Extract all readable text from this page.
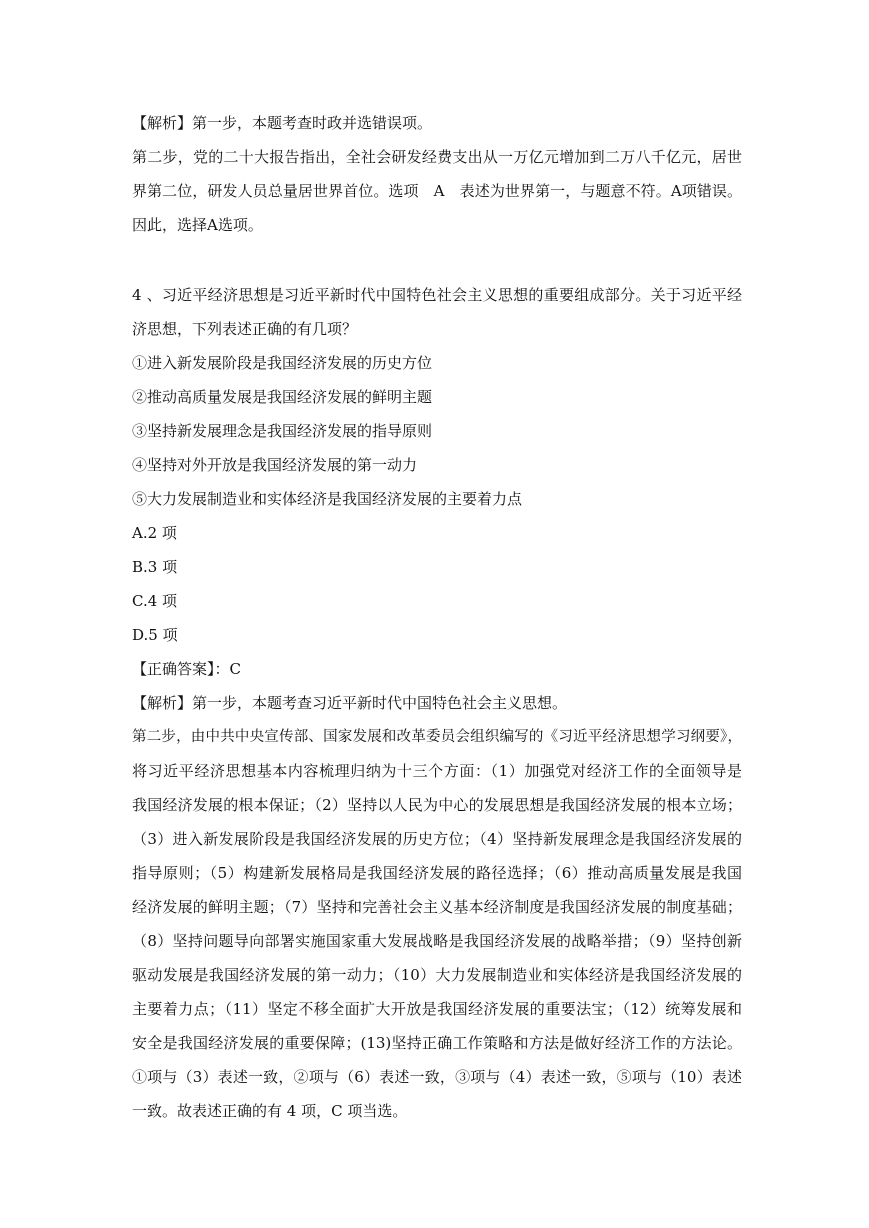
【解析】第一步，本题考查时政并选错误项。
第二步，党的二十大报告指出，全社会研发经费支出从一万亿元增加到二万八千亿元，居世
界第二位，研发人员总量居世界首位。选项　A　表述为世界第一，与题意不符。A项错误。
因此，选择A选项。
4 、习近平经济思想是习近平新时代中国特色社会主义思想的重要组成部分。关于习近平经
济思想，下列表述正确的有几项？
①进入新发展阶段是我国经济发展的历史方位
②推动高质量发展是我国经济发展的鲜明主题
③坚持新发展理念是我国经济发展的指导原则
④坚持对外开放是我国经济发展的第一动力
⑤大力发展制造业和实体经济是我国经济发展的主要着力点
A.2 项
B.3 项
C.4 项
D.5 项
【正确答案】：C
【解析】第一步，本题考查习近平新时代中国特色社会主义思想。
第二步，由中共中央宣传部、国家发展和改革委员会组织编写的《习近平经济思想学习纲要》，
将习近平经济思想基本内容梳理归纳为十三个方面：（1）加强党对经济工作的全面领导是
我国经济发展的根本保证；（2）坚持以人民为中心的发展思想是我国经济发展的根本立场；
（3）进入新发展阶段是我国经济发展的历史方位；（4）坚持新发展理念是我国经济发展的
指导原则；（5）构建新发展格局是我国经济发展的路径选择；（6）推动高质量发展是我国
经济发展的鲜明主题；（7）坚持和完善社会主义基本经济制度是我国经济发展的制度基础；
（8）坚持问题导向部署实施国家重大发展战略是我国经济发展的战略举措；（9）坚持创新
驱动发展是我国经济发展的第一动力；（10）大力发展制造业和实体经济是我国经济发展的
主要着力点；（11）坚定不移全面扩大开放是我国经济发展的重要法宝；（12）统筹发展和
安全是我国经济发展的重要保障；(13)坚持正确工作策略和方法是做好经济工作的方法论。
①项与（3）表述一致，②项与（6）表述一致，③项与（4）表述一致，⑤项与（10）表述
一致。故表述正确的有 4 项，C 项当选。
